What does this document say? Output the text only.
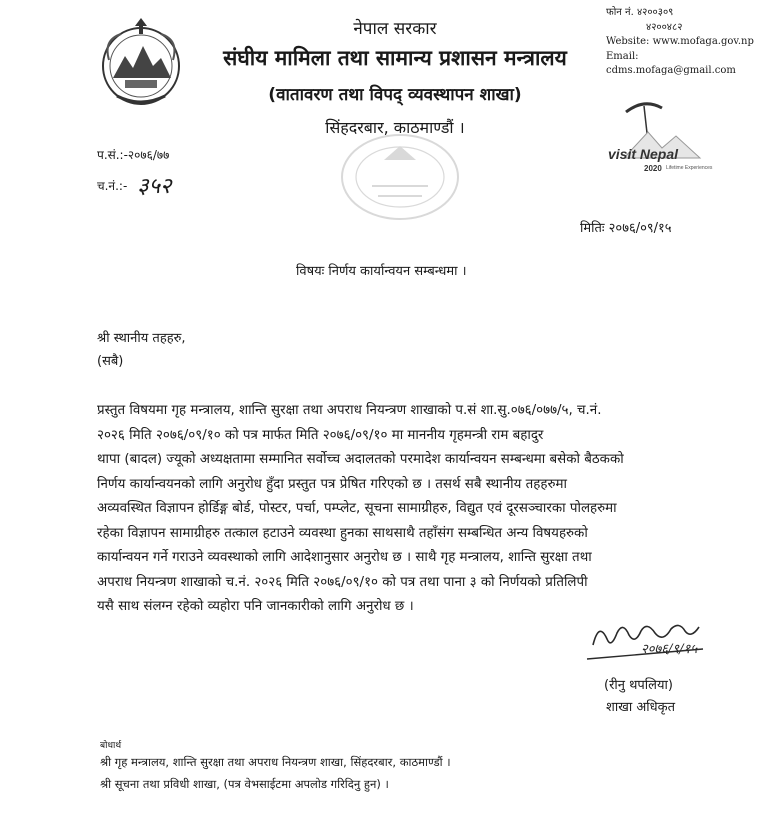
नेपाल सरकार
संघीय मामिला तथा सामान्य प्रशासन मन्त्रालय
(वातावरण तथा विपद् व्यवस्थापन शाखा)
सिंहदरबार, काठमाण्डौं ।
फोन नं. ४२००३०९
४२००४८२
Website: www.mofaga.gov.np
Email:
cdms.mofaga@gmail.com
visit Nepal
2020 Lifetime Experiences
प.सं.:-२०७६/७७
च.नं.:- ३५२
मितिः २०७६/०९/१५
विषयः निर्णय कार्यान्वयन सम्बन्धमा ।
श्री स्थानीय तहहरु,
(सबै)
प्रस्तुत विषयमा गृह मन्त्रालय, शान्ति सुरक्षा तथा अपराध नियन्त्रण शाखाको प.सं शा.सु.०७६/०७७/५, च.नं.
२०२६ मिति २०७६/०९/१० को पत्र मार्फत मिति २०७६/०९/१० मा माननीय गृहमन्त्री राम बहादुर
थापा (बादल) ज्यूको अध्यक्षतामा सम्मानित सर्वोच्च अदालतको परमादेश कार्यान्वयन सम्बन्धमा बसेको बैठकको
निर्णय कार्यान्वयनको लागि अनुरोध हुँदा प्रस्तुत पत्र प्रेषित गरिएको छ । तसर्थ सबै स्थानीय तहहरुमा
अव्यवस्थित विज्ञापन होर्डिङ्ग बोर्ड, पोस्टर, पर्चा, पम्प्लेट, सूचना सामाग्रीहरु, विद्युत एवं दूरसञ्चारका पोलहरुमा
रहेका विज्ञापन सामाग्रीहरु तत्काल हटाउने व्यवस्था हुनका साथसाथै तहाँसंग सम्बन्धित अन्य विषयहरुको
कार्यान्वयन गर्ने गराउने व्यवस्थाको लागि आदेशानुसार अनुरोध छ । साथै गृह मन्त्रालय, शान्ति सुरक्षा तथा
अपराध नियन्त्रण शाखाको च.नं. २०२६ मिति २०७६/०९/१० को पत्र तथा पाना ३ को निर्णयको प्रतिलिपी
यसै साथ संलग्न रहेको व्यहोरा पनि जानकारीको लागि अनुरोध छ ।
२०७६/९/१५
(रीनु थपलिया)
शाखा अधिकृत
बोधार्थ
श्री गृह मन्त्रालय, शान्ति सुरक्षा तथा अपराध नियन्त्रण शाखा, सिंहदरबार, काठमाण्डौं ।
श्री सूचना तथा प्रविधी शाखा, (पत्र वेभसाईटमा अपलोड गरिदिनु हुन) ।
